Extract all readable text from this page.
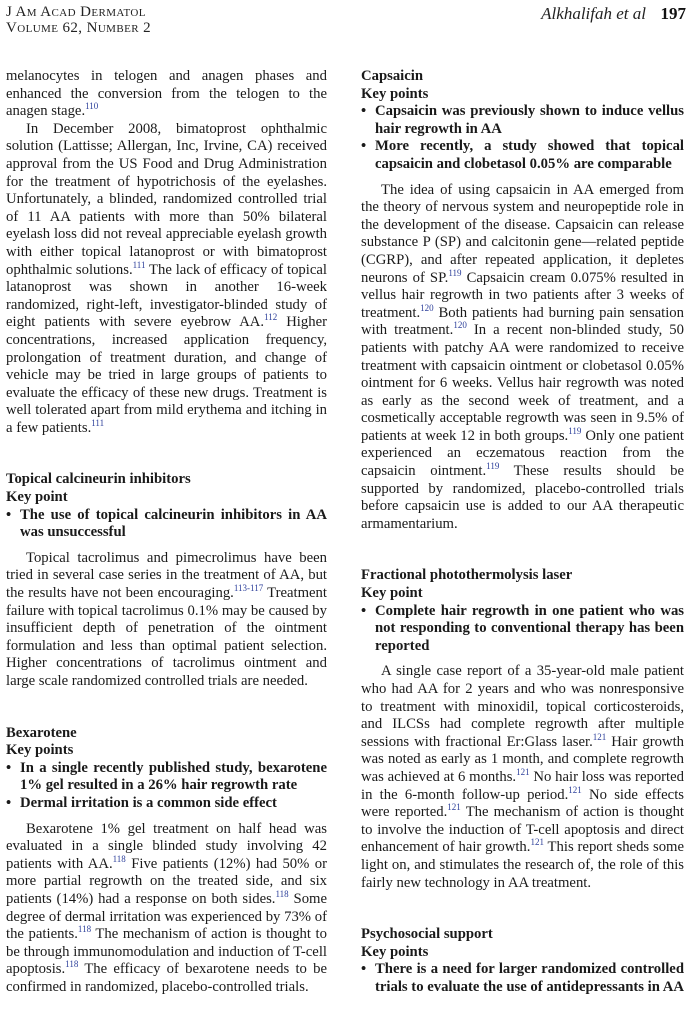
J Am Acad Dermatol
Volume 62, Number 2
Alkhalifah et al 197

melanocytes in telogen and anagen phases and enhanced the conversion from the telogen to the anagen stage.$^{110}$

In December 2008, bimatoprost ophthalmic solution (Lattisse; Allergan, Inc, Irvine, CA) received approval from the US Food and Drug Administration for the treatment of hypotrichosis of the eyelashes. Unfortunately, a blinded, randomized controlled trial of 11 AA patients with more than 50% bilateral eyelash loss did not reveal appreciable eyelash growth with either topical latanoprost or with bimatoprost ophthalmic solutions.$^{111}$ The lack of efficacy of topical latanoprost was shown in another 16-week randomized, right-left, investigator-blinded study of eight patients with severe eyebrow AA.$^{112}$ Higher concentrations, increased application frequency, prolongation of treatment duration, and change of vehicle may be tried in large groups of patients to evaluate the efficacy of these new drugs. Treatment is well tolerated apart from mild erythema and itching in a few patients.$^{111}$

Topical calcineurin inhibitors
Key point
• The use of topical calcineurin inhibitors in AA was unsuccessful

Topical tacrolimus and pimecrolimus have been tried in several case series in the treatment of AA, but the results have not been encouraging.$^{113-117}$ Treatment failure with topical tacrolimus 0.1% may be caused by insufficient depth of penetration of the ointment formulation and less than optimal patient selection. Higher concentrations of tacrolimus ointment and large scale randomized controlled trials are needed.

Bexarotene
Key points
• In a single recently published study, bexarotene 1% gel resulted in a 26% hair regrowth rate
• Dermal irritation is a common side effect

Bexarotene 1% gel treatment on half head was evaluated in a single blinded study involving 42 patients with AA.$^{118}$ Five patients (12%) had 50% or more partial regrowth on the treated side, and six patients (14%) had a response on both sides.$^{118}$ Some degree of dermal irritation was experienced by 73% of the patients.$^{118}$ The mechanism of action is thought to be through immunomodulation and induction of T-cell apoptosis.$^{118}$ The efficacy of bexarotene needs to be confirmed in randomized, placebo-controlled trials.

Capsaicin
Key points
• Capsaicin was previously shown to induce vellus hair regrowth in AA
• More recently, a study showed that topical capsaicin and clobetasol 0.05% are comparable

The idea of using capsaicin in AA emerged from the theory of nervous system and neuropeptide role in the development of the disease. Capsaicin can release substance P (SP) and calcitonin gene—related peptide (CGRP), and after repeated application, it depletes neurons of SP.$^{119}$ Capsaicin cream 0.075% resulted in vellus hair regrowth in two patients after 3 weeks of treatment.$^{120}$ Both patients had burning pain sensation with treatment.$^{120}$ In a recent non-blinded study, 50 patients with patchy AA were randomized to receive treatment with capsaicin ointment or clobetasol 0.05% ointment for 6 weeks. Vellus hair regrowth was noted as early as the second week of treatment, and a cosmetically acceptable regrowth was seen in 9.5% of patients at week 12 in both groups.$^{119}$ Only one patient experienced an eczematous reaction from the capsaicin ointment.$^{119}$ These results should be supported by randomized, placebo-controlled trials before capsaicin use is added to our AA therapeutic armamentarium.

Fractional photothermolysis laser
Key point
• Complete hair regrowth in one patient who was not responding to conventional therapy has been reported

A single case report of a 35-year-old male patient who had AA for 2 years and who was nonresponsive to treatment with minoxidil, topical corticosteroids, and ILCSs had complete regrowth after multiple sessions with fractional Er:Glass laser.$^{121}$ Hair growth was noted as early as 1 month, and complete regrowth was achieved at 6 months.$^{121}$ No hair loss was reported in the 6-month follow-up period.$^{121}$ No side effects were reported.$^{121}$ The mechanism of action is thought to involve the induction of T-cell apoptosis and direct enhancement of hair growth.$^{121}$ This report sheds some light on, and stimulates the research of, the role of this fairly new technology in AA treatment.

Psychosocial support
Key points
• There is a need for larger randomized controlled trials to evaluate the use of antidepressants in AA
